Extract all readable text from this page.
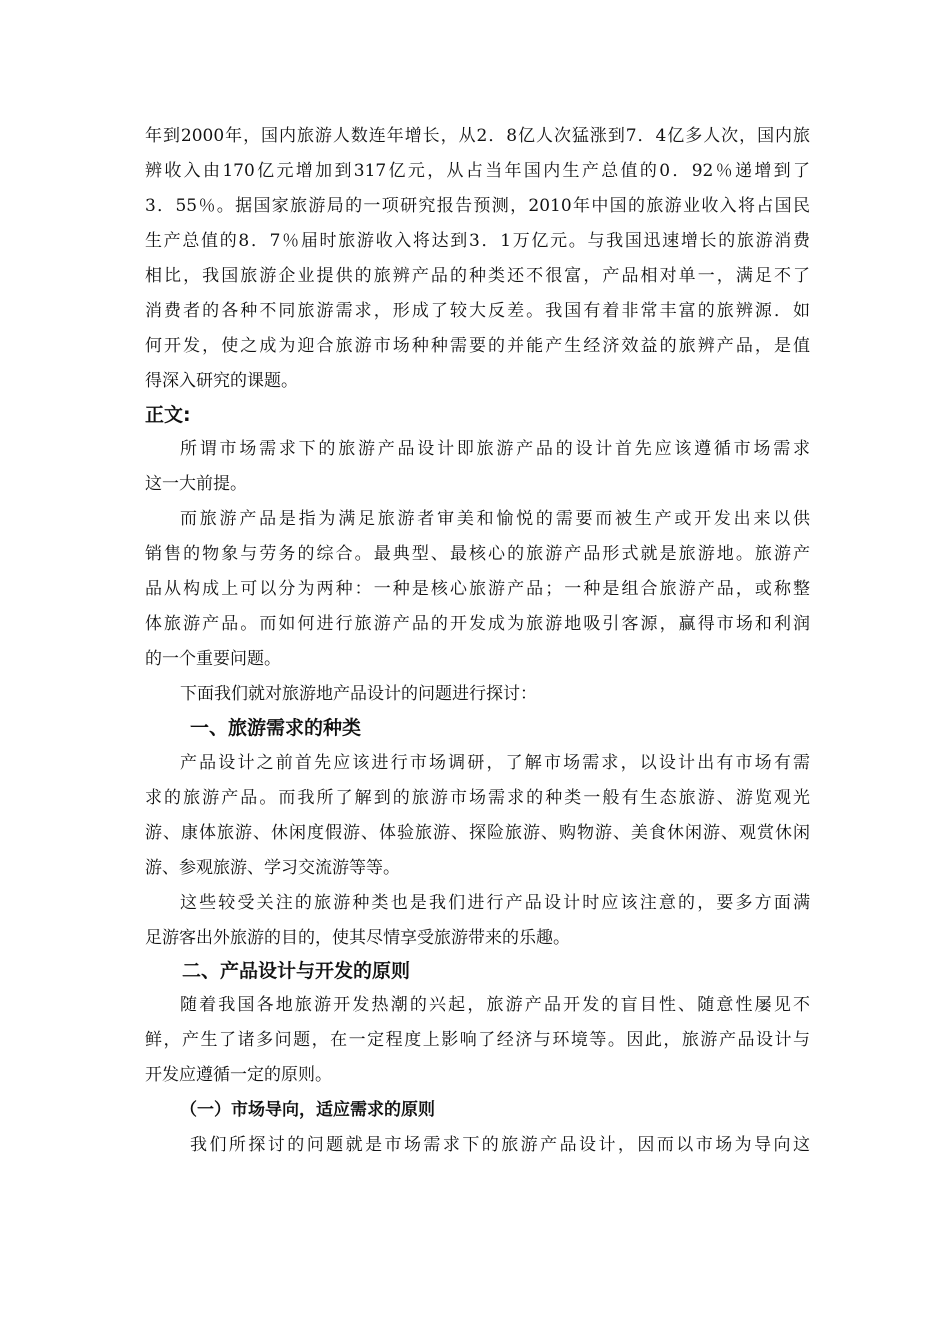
年到2000年，国内旅游人数连年增长，从2．8亿人次猛涨到7．4亿多人次，国内旅
辨收入由170亿元增加到317亿元，从占当年国内生产总值的0．92％递增到了
3．55％。据国家旅游局的一项研究报告预测，2010年中国的旅游业收入将占国民
生产总值的8．7％届时旅游收入将达到3．1万亿元。与我国迅速增长的旅游消费
相比，我国旅游企业提供的旅辨产品的种类还不很富，产品相对单一，满足不了
消费者的各种不同旅游需求，形成了较大反差。我国有着非常丰富的旅辨源．如
何开发，使之成为迎合旅游市场种种需要的并能产生经济效益的旅辨产品，是值
得深入研究的课题。
正文:
所谓市场需求下的旅游产品设计即旅游产品的设计首先应该遵循市场需求
这一大前提。
而旅游产品是指为满足旅游者审美和愉悦的需要而被生产或开发出来以供
销售的物象与劳务的综合。最典型、最核心的旅游产品形式就是旅游地。旅游产
品从构成上可以分为两种：一种是核心旅游产品；一种是组合旅游产品，或称整
体旅游产品。而如何进行旅游产品的开发成为旅游地吸引客源，赢得市场和利润
的一个重要问题。
下面我们就对旅游地产品设计的问题进行探讨：
一、旅游需求的种类
产品设计之前首先应该进行市场调研，了解市场需求，以设计出有市场有需
求的旅游产品。而我所了解到的旅游市场需求的种类一般有生态旅游、游览观光
游、康体旅游、休闲度假游、体验旅游、探险旅游、购物游、美食休闲游、观赏休闲
游、参观旅游、学习交流游等等。
这些较受关注的旅游种类也是我们进行产品设计时应该注意的，要多方面满
足游客出外旅游的目的，使其尽情享受旅游带来的乐趣。
二、产品设计与开发的原则
随着我国各地旅游开发热潮的兴起，旅游产品开发的盲目性、随意性屡见不
鲜，产生了诸多问题，在一定程度上影响了经济与环境等。因此，旅游产品设计与
开发应遵循一定的原则。
（一）市场导向，适应需求的原则
我们所探讨的问题就是市场需求下的旅游产品设计，因而以市场为导向这
